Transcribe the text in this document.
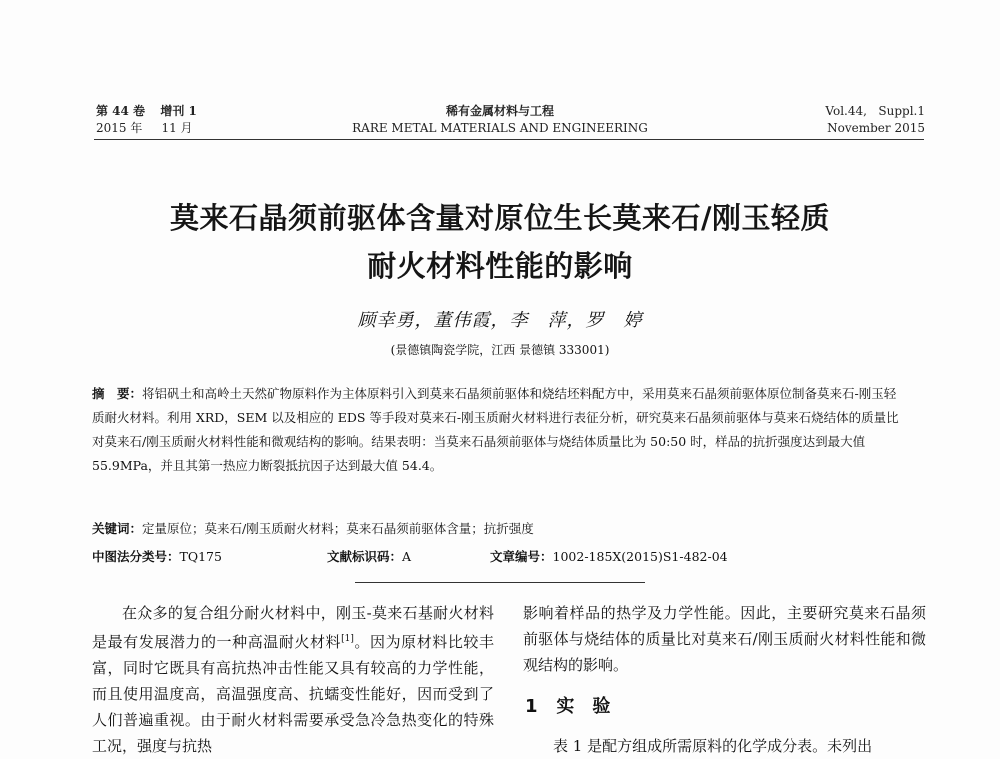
第 44 卷 增刊 1
2015 年 11 月
稀有金属材料与工程
RARE METAL MATERIALS AND ENGINEERING
Vol.44, Suppl.1
November 2015
莫来石晶须前驱体含量对原位生长莫来石/刚玉轻质
耐火材料性能的影响
顾幸勇，董伟霞，李　萍，罗　婷
(景德镇陶瓷学院，江西 景德镇 333001)
摘　要：将铝矾土和高岭土天然矿物原料作为主体原料引入到莫来石晶须前驱体和烧结坯料配方中，采用莫来石晶须前驱体原位制备莫来石-刚玉轻质耐火材料。利用 XRD，SEM 以及相应的 EDS 等手段对莫来石-刚玉质耐火材料进行表征分析，研究莫来石晶须前驱体与莫来石烧结体的质量比对莫来石/刚玉质耐火材料性能和微观结构的影响。结果表明：当莫来石晶须前驱体与烧结体质量比为 50:50 时，样品的抗折强度达到最大值 55.9MPa，并且其第一热应力断裂抵抗因子达到最大值 54.4。
关键词：定量原位；莫来石/刚玉质耐火材料；莫来石晶须前驱体含量；抗折强度
中图法分类号：TQ175	文献标识码：A	文章编号：1002-185X(2015)S1-482-04

在众多的复合组分耐火材料中，刚玉-莫来石基耐火材料是最有发展潜力的一种高温耐火材料[1]。因为原材料比较丰富，同时它既具有高抗热冲击性能又具有较高的力学性能，而且使用温度高，高温强度高、抗蠕变性能好，因而受到了人们普遍重视。由于耐火材料需要承受急冷急热变化的特殊工况，强度与抗热

影响着样品的热学及力学性能。因此，主要研究莫来石晶须前驱体与烧结体的质量比对莫来石/刚玉质耐火材料性能和微观结构的影响。

1 实　验

表 1 是配方组成所需原料的化学成分表。未列出
